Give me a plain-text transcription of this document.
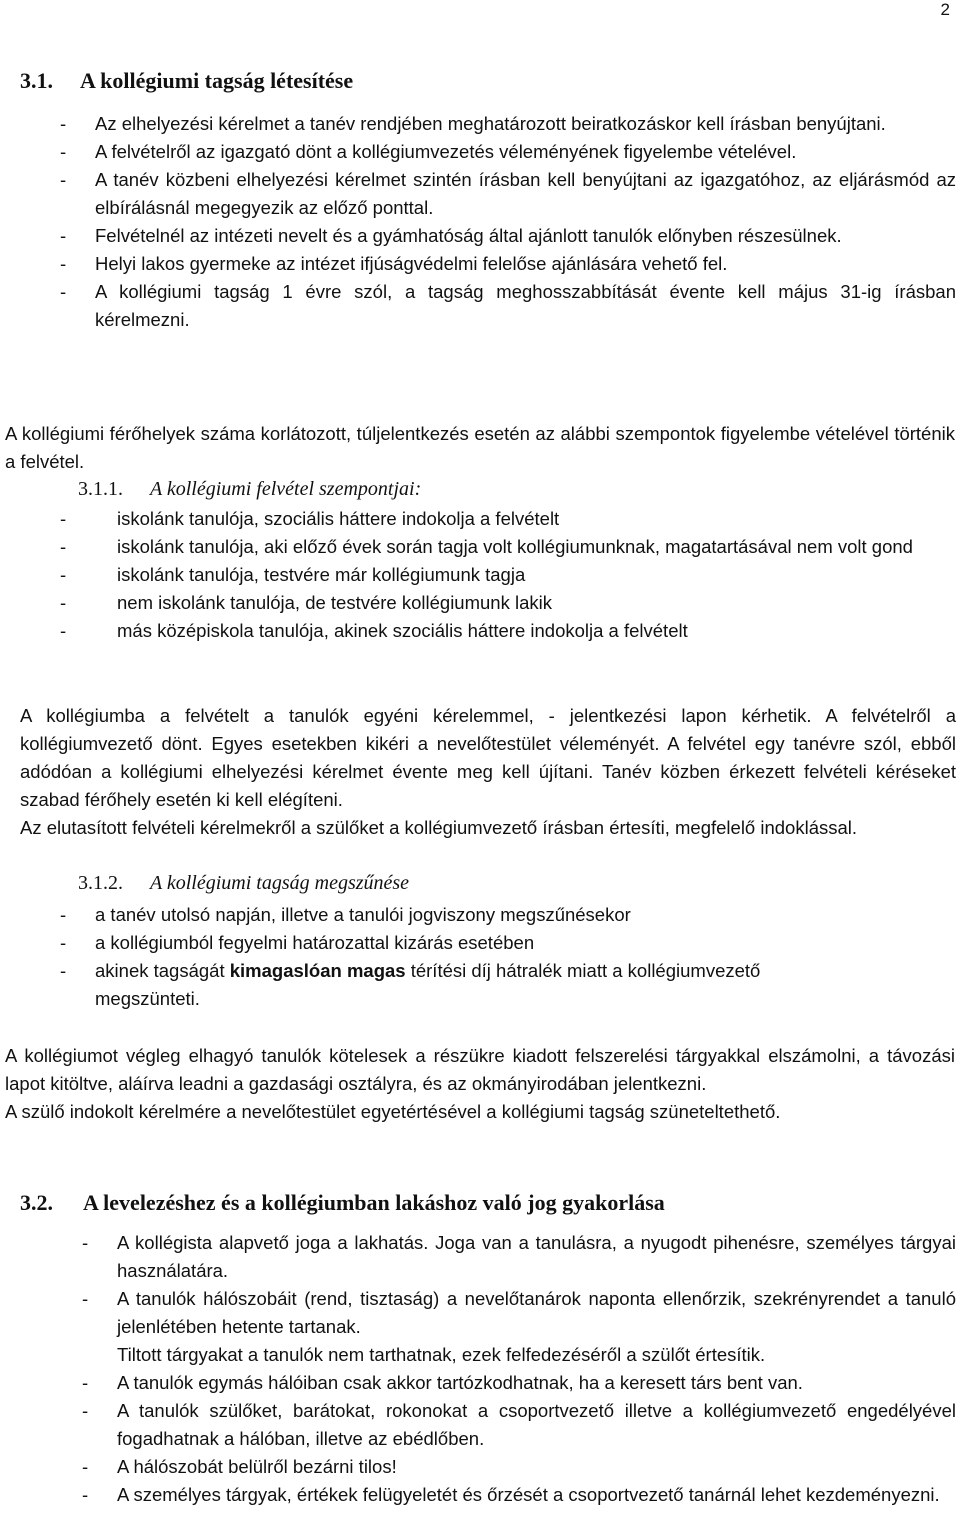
2
3.1. A kollégiumi tagság létesítése
- Az elhelyezési kérelmet a tanév rendjében meghatározott beiratkozáskor kell írásban benyújtani.
- A felvételről az igazgató dönt a kollégiumvezetés véleményének figyelembe vételével.
- A tanév közbeni elhelyezési kérelmet szintén írásban kell benyújtani az igazgatóhoz, az eljárásmód az elbírálásnál megegyezik az előző ponttal.
- Felvételnél az intézeti nevelt és a gyámhatóság által ajánlott tanulók előnyben részesülnek.
- Helyi lakos gyermeke az intézet ifjúságvédelmi felelőse ajánlására vehető fel.
- A kollégiumi tagság 1 évre szól, a tagság meghosszabbítását évente kell május 31-ig írásban kérelmezni.

A kollégiumi férőhelyek száma korlátozott, túljelentkezés esetén az alábbi szempontok figyelembe vételével történik a felvétel.

3.1.1. A kollégiumi felvétel szempontjai:
-	iskolánk tanulója, szociális háttere indokolja a felvételt
-	iskolánk tanulója, aki előző évek során tagja volt kollégiumunknak, magatartásával nem volt gond
-	iskolánk tanulója, testvére már kollégiumunk tagja
-	nem iskolánk tanulója, de testvére kollégiumunk lakik
-	más középiskola tanulója, akinek szociális háttere indokolja a felvételt

A kollégiumba a felvételt a tanulók egyéni kérelemmel, - jelentkezési lapon kérhetik. A felvételről a kollégiumvezető dönt. Egyes esetekben kikéri a nevelőtestület véleményét. A felvétel egy tanévre szól, ebből adódóan a kollégiumi elhelyezési kérelmet évente meg kell újítani. Tanév közben érkezett felvételi kéréseket szabad férőhely esetén ki kell elégíteni.

Az elutasított felvételi kérelmekről a szülőket a kollégiumvezető írásban értesíti, megfelelő indoklással.

3.1.2. A kollégiumi tagság megszűnése
- a tanév utolsó napján, illetve a tanulói jogviszony megszűnésekor
- a kollégiumból fegyelmi határozattal kizárás esetében
- akinek tagságát kimagaslóan magas térítési díj hátralék miatt a kollégiumvezető megszünteti.

A kollégiumot végleg elhagyó tanulók kötelesek a részükre kiadott felszerelési tárgyakkal elszámolni, a távozási lapot kitöltve, aláírva leadni a gazdasági osztályra, és az okmányirodában jelentkezni.

A szülő indokolt kérelmére a nevelőtestület egyetértésével a kollégiumi tagság szüneteltethető.

3.2. A levelezéshez és a kollégiumban lakáshoz való jog gyakorlása
- A kollégista alapvető joga a lakhatás. Joga van a tanulásra, a nyugodt pihenésre, személyes tárgyai használatára.
- A tanulók hálószobáit (rend, tisztaság) a nevelőtanárok naponta ellenőrzik, szekrényrendet a tanuló jelenlétében hetente tartanak.
Tiltott tárgyakat a tanulók nem tarthatnak, ezek felfedezéséről a szülőt értesítik.
- A tanulók egymás hálóiban csak akkor tartózkodhatnak, ha a keresett társ bent van.
- A tanulók szülőket, barátokat, rokonokat a csoportvezető illetve a kollégiumvezető engedélyével fogadhatnak a hálóban, illetve az ebédlőben.
- A hálószobát belülről bezárni tilos!
- A személyes tárgyak, értékek felügyeletét és őrzését a csoportvezető tanárnál lehet kezdeményezni.
